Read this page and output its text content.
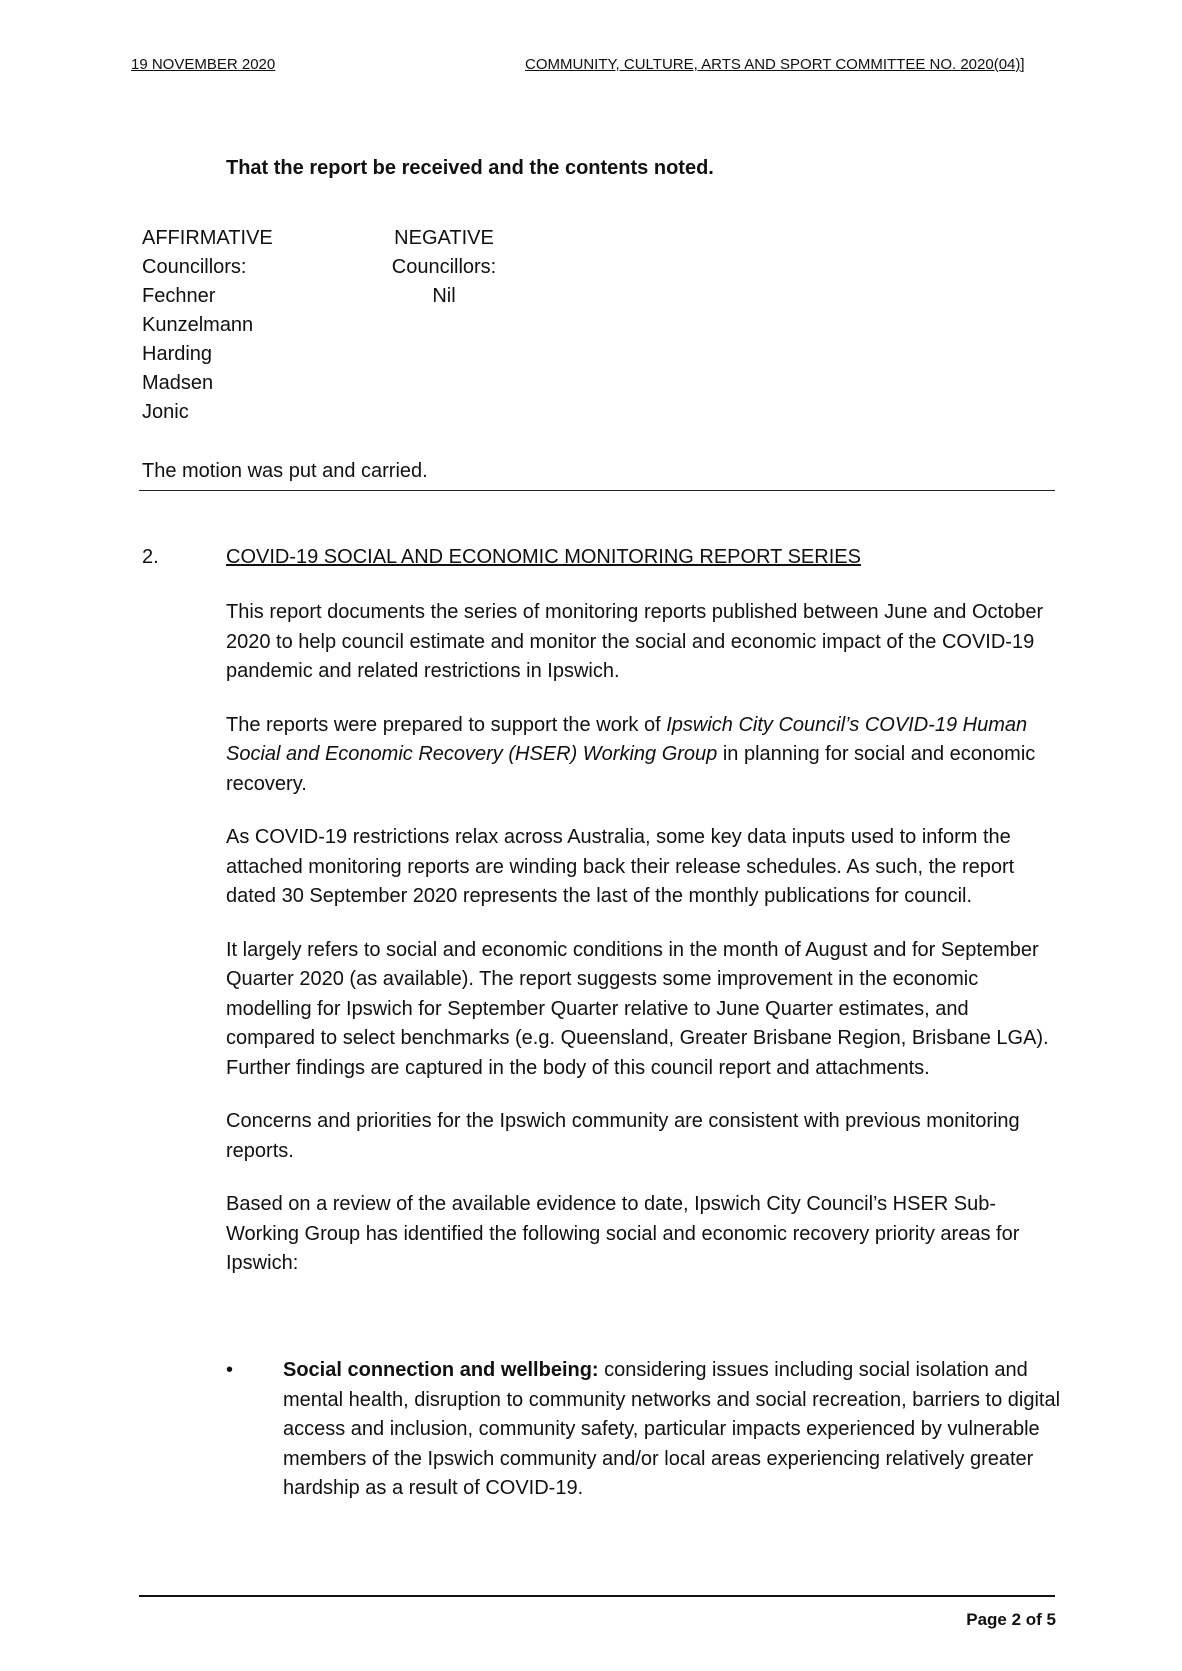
19 NOVEMBER 2020	COMMUNITY, CULTURE, ARTS AND SPORT COMMITTEE NO. 2020(04)]
That the report be received and the contents noted.
AFFIRMATIVE
Councillors:
Fechner
Kunzelmann
Harding
Madsen
Jonic
NEGATIVE
Councillors:
Nil
The motion was put and carried.
2.	COVID-19 SOCIAL AND ECONOMIC MONITORING REPORT SERIES

This report documents the series of monitoring reports published between June and October 2020 to help council estimate and monitor the social and economic impact of the COVID-19 pandemic and related restrictions in Ipswich.

The reports were prepared to support the work of Ipswich City Council’s COVID-19 Human Social and Economic Recovery (HSER) Working Group in planning for social and economic recovery.

As COVID-19 restrictions relax across Australia, some key data inputs used to inform the attached monitoring reports are winding back their release schedules. As such, the report dated 30 September 2020 represents the last of the monthly publications for council.

It largely refers to social and economic conditions in the month of August and for September Quarter 2020 (as available). The report suggests some improvement in the economic modelling for Ipswich for September Quarter relative to June Quarter estimates, and compared to select benchmarks (e.g. Queensland, Greater Brisbane Region, Brisbane LGA). Further findings are captured in the body of this council report and attachments.

Concerns and priorities for the Ipswich community are consistent with previous monitoring reports.

Based on a review of the available evidence to date, Ipswich City Council’s HSER Sub-Working Group has identified the following social and economic recovery priority areas for Ipswich:

• Social connection and wellbeing: considering issues including social isolation and mental health, disruption to community networks and social recreation, barriers to digital access and inclusion, community safety, particular impacts experienced by vulnerable members of the Ipswich community and/or local areas experiencing relatively greater hardship as a result of COVID-19.
Page 2 of 5
